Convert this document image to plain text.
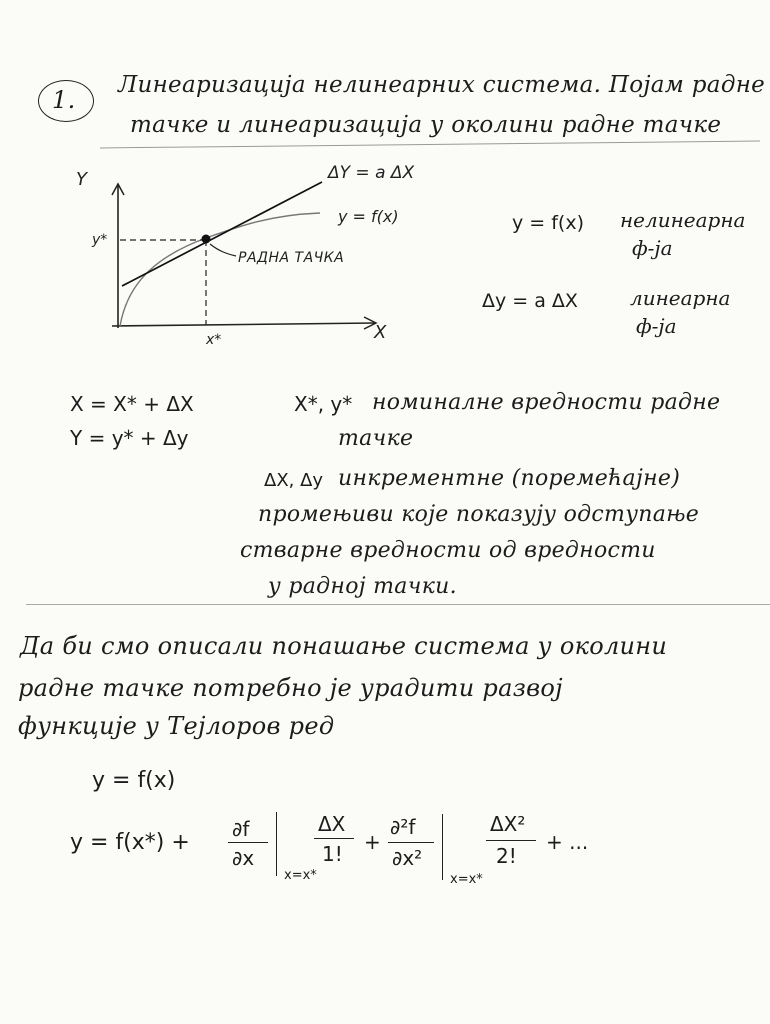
1.
Линеаризација нелинеарних система. Појам радне
тачке и линеаризација у околини радне тачке
Y
X
y*
x*
ΔY = a ΔX
y = f(x)
РАДНА ТАЧКА
y = f(x) нелинеарна
ф-ја
Δy = a ΔX	линеарна
ф-ја
X = X* + ΔX
Y = y* + Δy
X*, y* номиналне вредности радне
тачке
ΔX, Δy инкрементне (поремећајне)
промењиви које показују одступање
стварне вредности од вредности
у радној тачки.
Да би смо описали понашање система у околини
радне тачке потребно је урадити развој
функције у Тејлоров ред
y = f(x)
y = f(x*) +
∂f
∂x
x=x*
ΔX
1! +
∂²f
∂x²
x=x*
ΔX²
2!
+ ...
